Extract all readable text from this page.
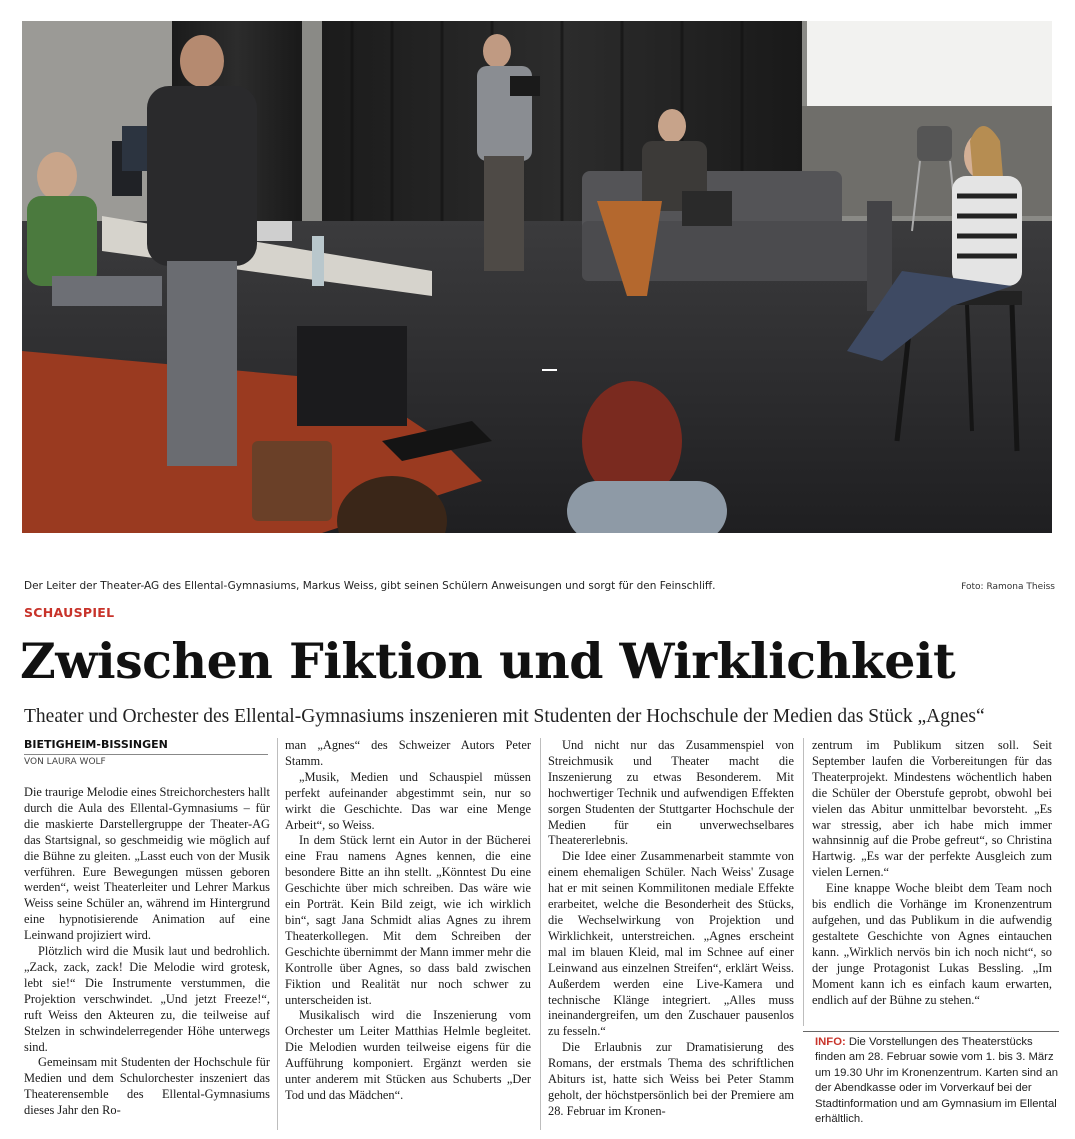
Der Leiter der Theater-AG des Ellental-Gymnasiums, Markus Weiss, gibt seinen Schülern Anweisungen und sorgt für den Feinschliff.	Foto: Ramona Theiss
SCHAUSPIEL
Zwischen Fiktion und Wirklichkeit
Theater und Orchester des Ellental-Gymnasiums inszenieren mit Studenten der Hochschule der Medien das Stück „Agnes“
BIETIGHEIM-BISSINGEN
VON LAURA WOLF

Die traurige Melodie eines Streichorchesters hallt durch die Aula des Ellental-Gymnasiums – für die maskierte Darstellergruppe der Theater-AG das Startsignal, so geschmeidig wie möglich auf die Bühne zu gleiten. „Lasst euch von der Musik verführen. Eure Bewegungen müssen geboren werden“, weist Theaterleiter und Lehrer Markus Weiss seine Schüler an, während im Hintergrund eine hypnotisierende Animation auf eine Leinwand projiziert wird.

Plötzlich wird die Musik laut und bedrohlich. „Zack, zack, zack! Die Melodie wird grotesk, lebt sie!“ Die Instrumente verstummen, die Projektion verschwindet. „Und jetzt Freeze!“, ruft Weiss den Akteuren zu, die teilweise auf Stelzen in schwindelerregender Höhe unterwegs sind.

Gemeinsam mit Studenten der Hochschule für Medien und dem Schulorchester inszeniert das Theaterensemble des Ellental-Gymnasiums dieses Jahr den Ro-

man „Agnes“ des Schweizer Autors Peter Stamm.

„Musik, Medien und Schauspiel müssen perfekt aufeinander abgestimmt sein, nur so wirkt die Geschichte. Das war eine Menge Arbeit“, so Weiss.

In dem Stück lernt ein Autor in der Bücherei eine Frau namens Agnes kennen, die eine besondere Bitte an ihn stellt. „Könntest Du eine Geschichte über mich schreiben. Das wäre wie ein Porträt. Kein Bild zeigt, wie ich wirklich bin“, sagt Jana Schmidt alias Agnes zu ihrem Theaterkollegen. Mit dem Schreiben der Geschichte übernimmt der Mann immer mehr die Kontrolle über Agnes, so dass bald zwischen Fiktion und Realität nur noch schwer zu unterscheiden ist.

Musikalisch wird die Inszenierung vom Orchester um Leiter Matthias Helmle begleitet. Die Melodien wurden teilweise eigens für die Aufführung komponiert. Ergänzt werden sie unter anderem mit Stücken aus Schuberts „Der Tod und das Mädchen“.

Und nicht nur das Zusammenspiel von Streichmusik und Theater macht die Inszenierung zu etwas Besonderem. Mit hochwertiger Technik und aufwendigen Effekten sorgen Studenten der Stuttgarter Hochschule der Medien für ein unverwechselbares Theatererlebnis.

Die Idee einer Zusammenarbeit stammte von einem ehemaligen Schüler. Nach Weiss' Zusage hat er mit seinen Kommilitonen mediale Effekte erarbeitet, welche die Besonderheit des Stücks, die Wechselwirkung von Projektion und Wirklichkeit, unterstreichen. „Agnes erscheint mal im blauen Kleid, mal im Schnee auf einer Leinwand aus einzelnen Streifen“, erklärt Weiss. Außerdem werden eine Live-Kamera und technische Klänge integriert. „Alles muss ineinandergreifen, um den Zuschauer pausenlos zu fesseln.“

Die Erlaubnis zur Dramatisierung des Romans, der erstmals Thema des schriftlichen Abiturs ist, hatte sich Weiss bei Peter Stamm geholt, der höchstpersönlich bei der Premiere am 28. Februar im Kronen-

zentrum im Publikum sitzen soll. Seit September laufen die Vorbereitungen für das Theaterprojekt. Mindestens wöchentlich haben die Schüler der Oberstufe geprobt, obwohl bei vielen das Abitur unmittelbar bevorsteht. „Es war stressig, aber ich habe mich immer wahnsinnig auf die Probe gefreut“, so Christina Hartwig. „Es war der perfekte Ausgleich zum vielen Lernen.“

Eine knappe Woche bleibt dem Team noch bis endlich die Vorhänge im Kronenzentrum aufgehen, und das Publikum in die aufwendig gestaltete Geschichte von Agnes eintauchen kann. „Wirklich nervös bin ich noch nicht“, so der junge Protagonist Lukas Bessling. „Im Moment kann ich es einfach kaum erwarten, endlich auf der Bühne zu stehen.“

INFO: Die Vorstellungen des Theaterstücks finden am 28. Februar sowie vom 1. bis 3. März um 19.30 Uhr im Kronenzentrum. Karten sind an der Abendkasse oder im Vorverkauf bei der Stadtinformation und am Gymnasium im Ellental erhältlich.
